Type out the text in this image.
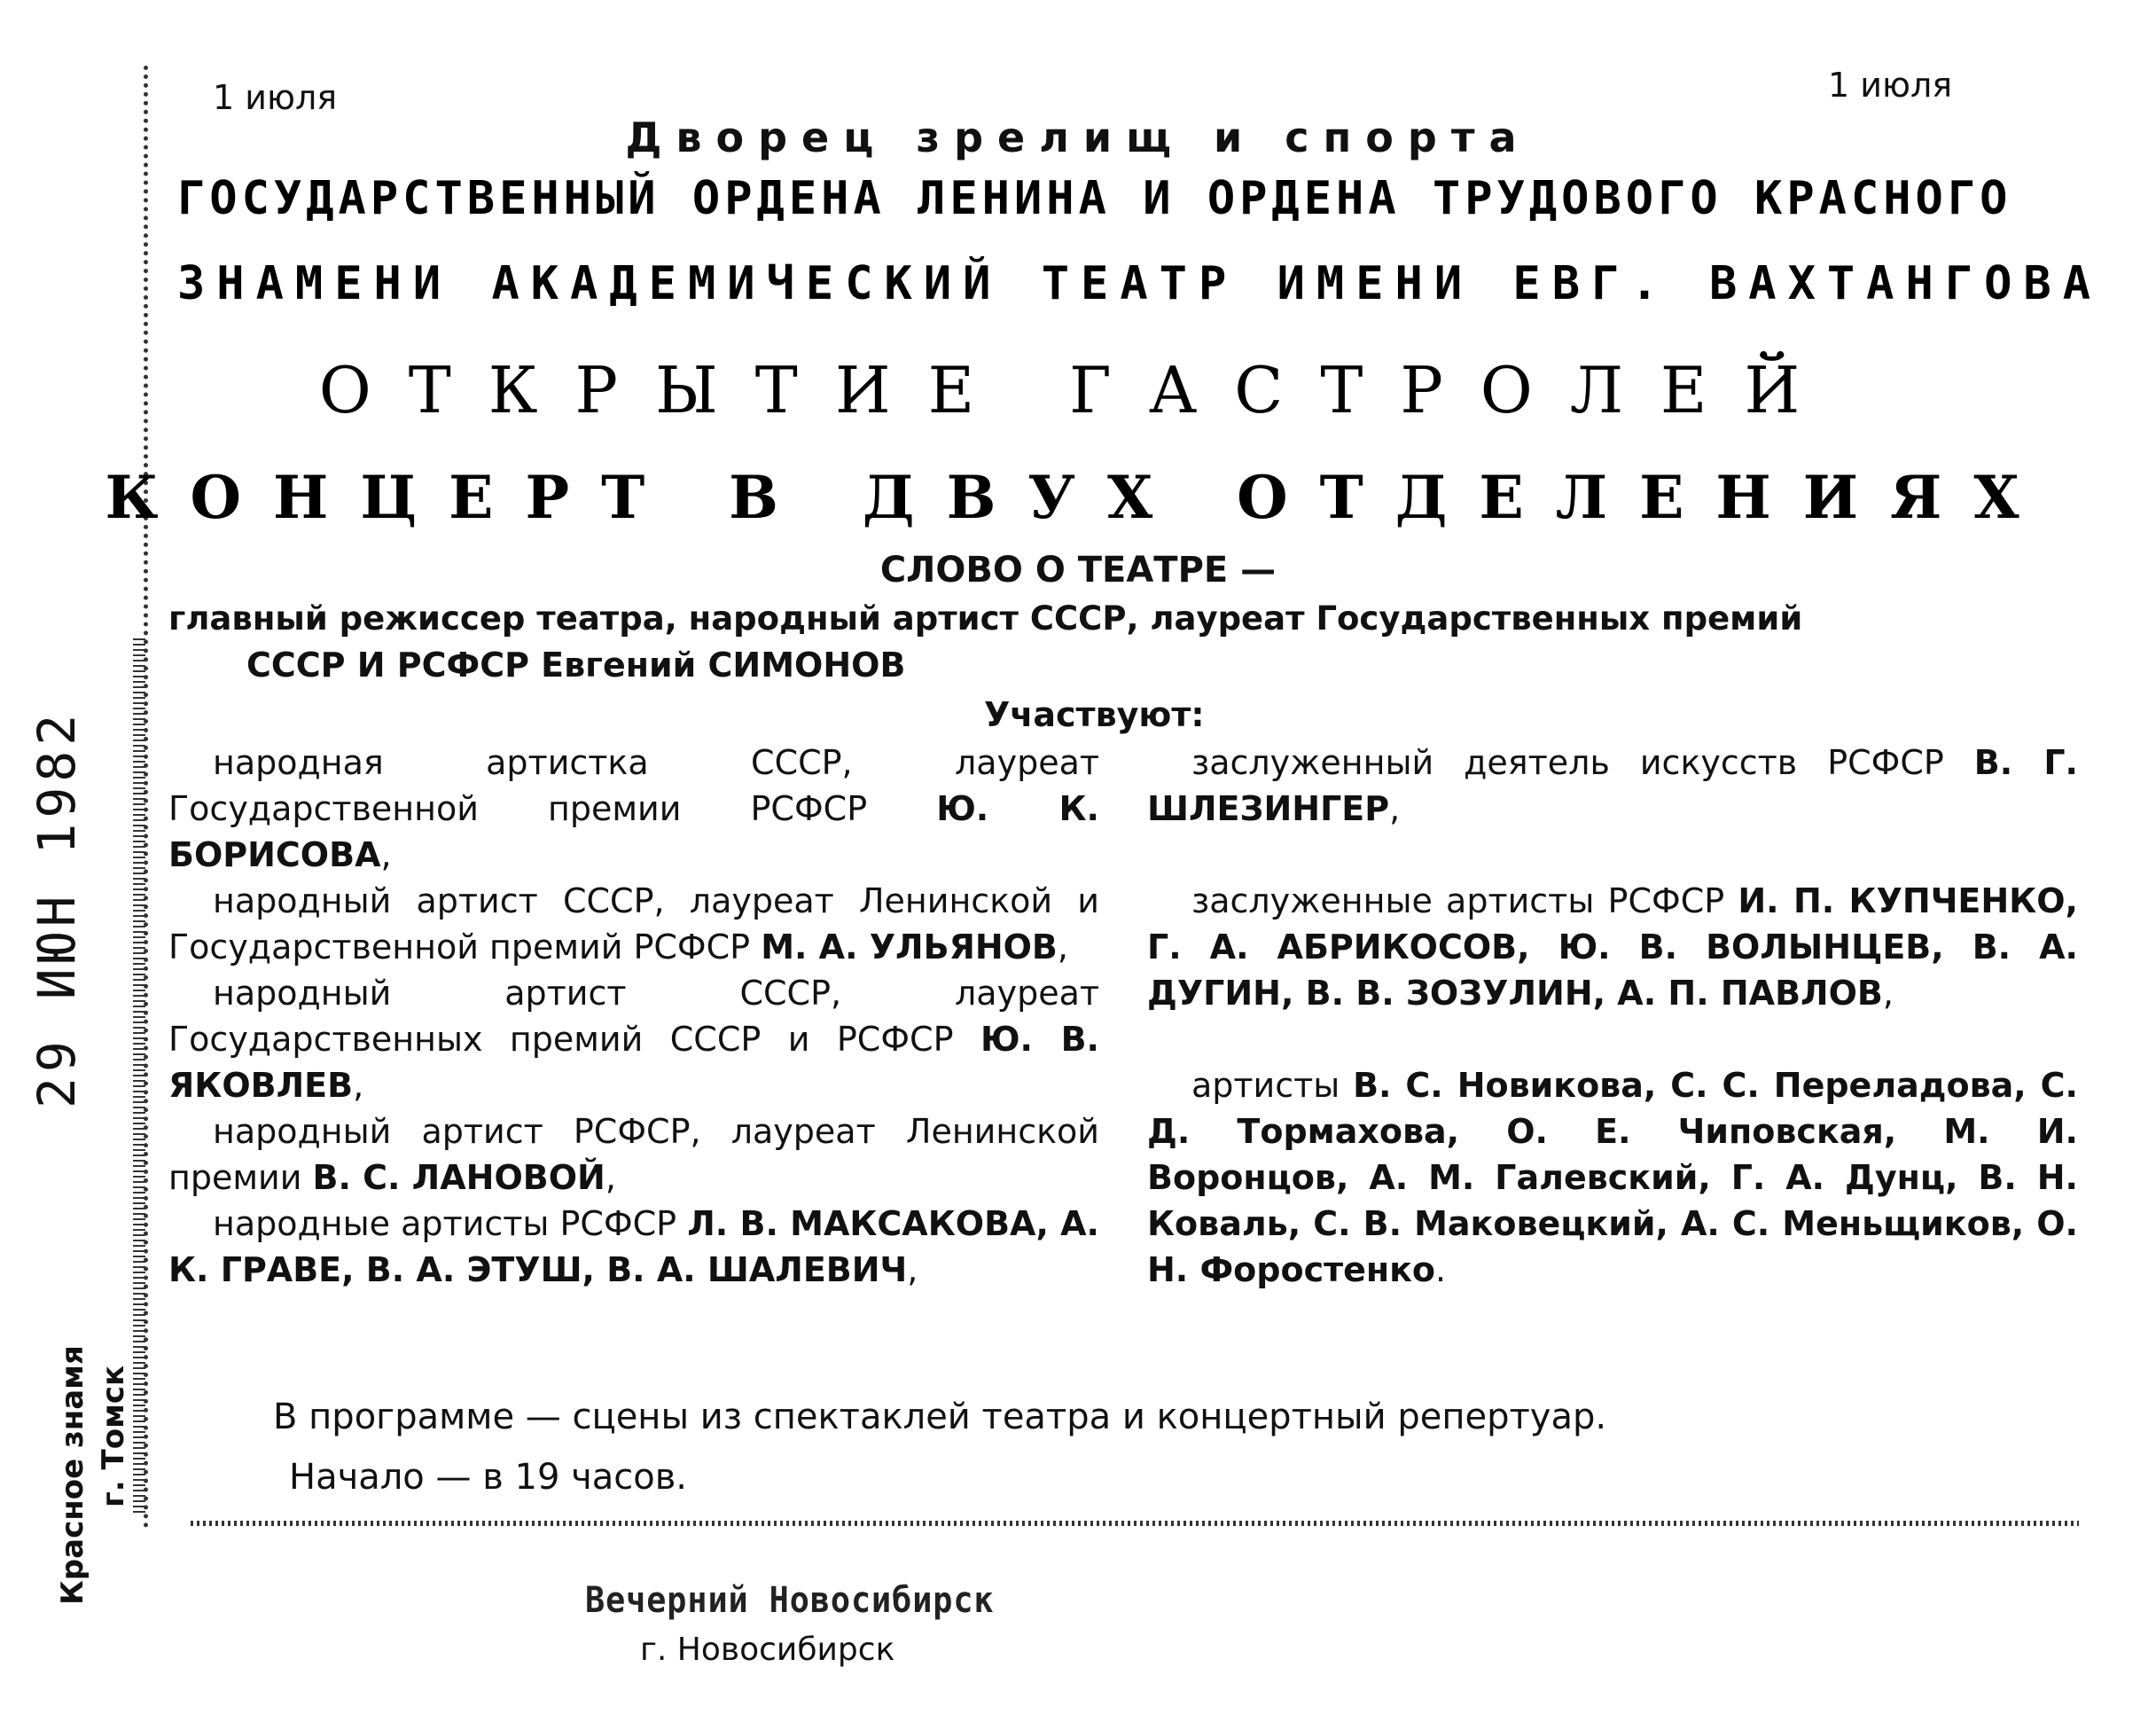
1 июля	1 июля
Дворец зрелищ и спорта
ГОСУДАРСТВЕННЫЙ ОРДЕНА ЛЕНИНА И ОРДЕНА ТРУДОВОГО КРАСНОГО
ЗНАМЕНИ АКАДЕМИЧЕСКИЙ ТЕАТР ИМЕНИ ЕВГ. ВАХТАНГОВА
ОТКРЫТИЕ ГАСТРОЛЕЙ
КОНЦЕРТ В ДВУХ ОТДЕЛЕНИЯХ
СЛОВО О ТЕАТРЕ —
главный режиссер театра, народный артист СССР, лауреат Государственных премий
СССР И РСФСР Евгений СИМОНОВ
Участвуют:

народная артистка СССР, лауреат Государственной премии РСФСР Ю. К. БОРИСОВА,

народный артист СССР, лауреат Ленинской и Государственной премий РСФСР М. А. УЛЬЯНОВ,

народный артист СССР, лауреат Государственных премий СССР и РСФСР Ю. В. ЯКОВЛЕВ,

народный артист РСФСР, лауреат Ленинской премии В. С. ЛАНОВОЙ,

народные артисты РСФСР Л. В. МАКСАКОВА, А. К. ГРАВЕ, В. А. ЭТУШ, В. А. ШАЛЕВИЧ,

заслуженный деятель искусств РСФСР В. Г. ШЛЕЗИНГЕР,

заслуженные артисты РСФСР И. П. КУПЧЕНКО, Г. А. АБРИКОСОВ, Ю. В. ВОЛЫНЦЕВ, В. А. ДУГИН, В. В. ЗОЗУЛИН, А. П. ПАВЛОВ,

артисты В. С. Новикова, С. С. Переладова, С. Д. Тормахова, О. Е. Чиповская, М. И. Воронцов, А. М. Галевский, Г. А. Дунц, В. Н. Коваль, С. В. Маковецкий, А. С. Меньщиков, О. Н. Форостенко.

В программе — сцены из спектаклей театра и концертный репертуар.
Начало — в 19 часов.
29 ИЮН 1982
Красное знамя г. Томск
Вечерний Новосибирск
г. Новосибирск
